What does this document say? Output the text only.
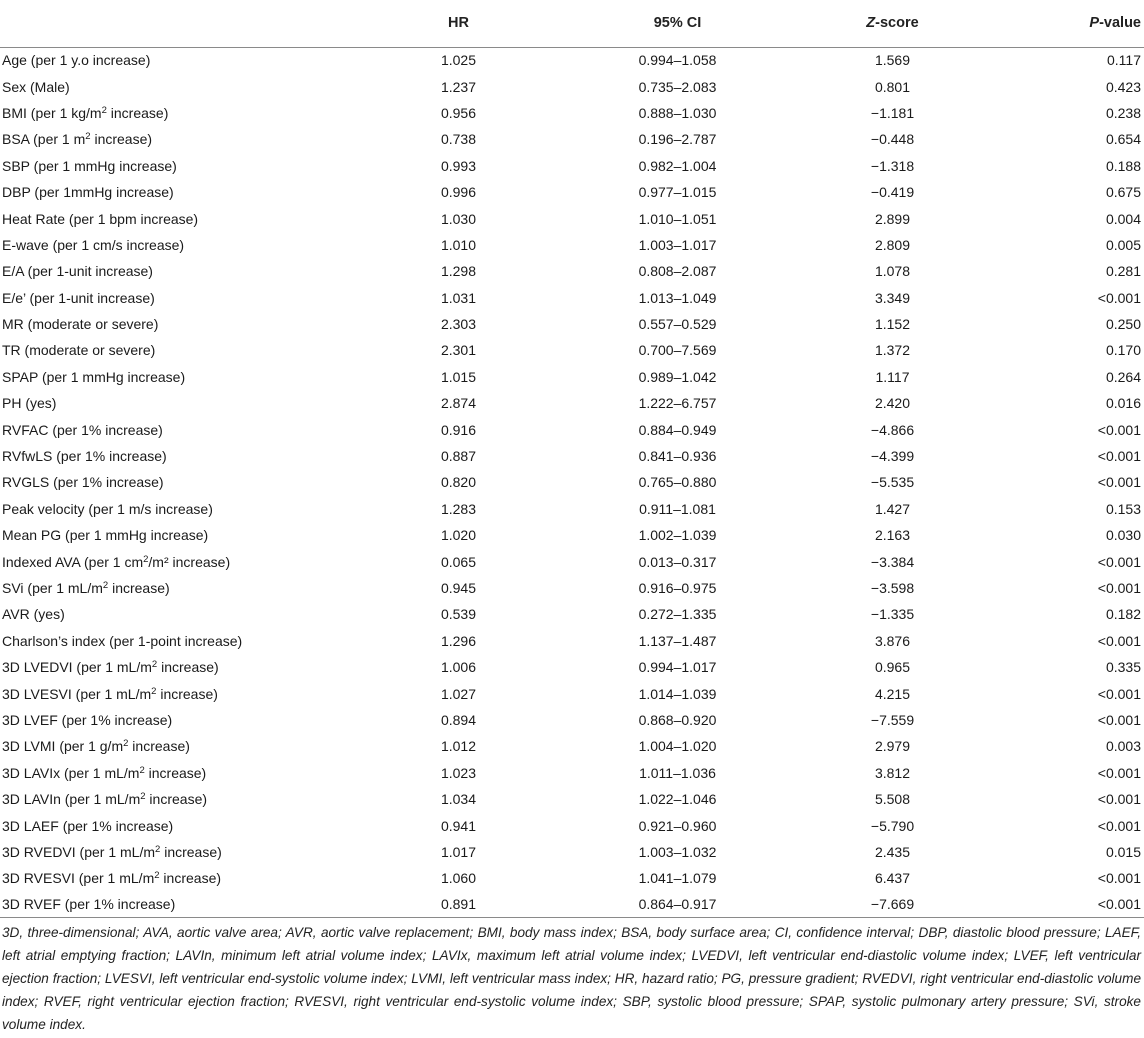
	HR	95% CI	Z-score	P-value
Age (per 1 y.o increase)	1.025	0.994–1.058	1.569	0.117
Sex (Male)	1.237	0.735–2.083	0.801	0.423
BMI (per 1 $kg/m^2$ increase)	0.956	0.888–1.030	−1.181	0.238
BSA (per 1 $m^2$ increase)	0.738	0.196–2.787	−0.448	0.654
SBP (per 1 mmHg increase)	0.993	0.982–1.004	−1.318	0.188
DBP (per 1mmHg increase)	0.996	0.977–1.015	−0.419	0.675
Heat Rate (per 1 bpm increase)	1.030	1.010–1.051	2.899	0.004
E-wave (per 1 cm/s increase)	1.010	1.003–1.017	2.809	0.005
E/A (per 1-unit increase)	1.298	0.808–2.087	1.078	0.281
E/e’ (per 1-unit increase)	1.031	1.013–1.049	3.349	<0.001
MR (moderate or severe)	2.303	0.557–0.529	1.152	0.250
TR (moderate or severe)	2.301	0.700–7.569	1.372	0.170
SPAP (per 1 mmHg increase)	1.015	0.989–1.042	1.117	0.264
PH (yes)	2.874	1.222–6.757	2.420	0.016
RVFAC (per 1% increase)	0.916	0.884–0.949	−4.866	<0.001
RVfwLS (per 1% increase)	0.887	0.841–0.936	−4.399	<0.001
RVGLS (per 1% increase)	0.820	0.765–0.880	−5.535	<0.001
Peak velocity (per 1 m/s increase)	1.283	0.911–1.081	1.427	0.153
Mean PG (per 1 mmHg increase)	1.020	1.002–1.039	2.163	0.030
Indexed AVA (per 1 $cm^2/m^2$ increase)	0.065	0.013–0.317	−3.384	<0.001
SVi (per 1 $mL/m^2$ increase)	0.945	0.916–0.975	−3.598	<0.001
AVR (yes)	0.539	0.272–1.335	−1.335	0.182
Charlson’s index (per 1-point increase)	1.296	1.137–1.487	3.876	<0.001
3D LVEDVI (per 1 $mL/m^2$ increase)	1.006	0.994–1.017	0.965	0.335
3D LVESVI (per 1 $mL/m^2$ increase)	1.027	1.014–1.039	4.215	<0.001
3D LVEF (per 1% increase)	0.894	0.868–0.920	−7.559	<0.001
3D LVMI (per 1 $g/m^2$ increase)	1.012	1.004–1.020	2.979	0.003
3D LAVIx (per 1 $mL/m^2$ increase)	1.023	1.011–1.036	3.812	<0.001
3D LAVIn (per 1 $mL/m^2$ increase)	1.034	1.022–1.046	5.508	<0.001
3D LAEF (per 1% increase)	0.941	0.921–0.960	−5.790	<0.001
3D RVEDVI (per 1 $mL/m^2$ increase)	1.017	1.003–1.032	2.435	0.015
3D RVESVI (per 1 $mL/m^2$ increase)	1.060	1.041–1.079	6.437	<0.001
3D RVEF (per 1% increase)	0.891	0.864–0.917	−7.669	<0.001
3D, three-dimensional; AVA, aortic valve area; AVR, aortic valve replacement; BMI, body mass index; BSA, body surface area; CI, confidence interval; DBP, diastolic blood pressure; LAEF, left atrial emptying fraction; LAVIn, minimum left atrial volume index; LAVIx, maximum left atrial volume index; LVEDVI, left ventricular end-diastolic volume index; LVEF, left ventricular ejection fraction; LVESVI, left ventricular end-systolic volume index; LVMI, left ventricular mass index; HR, hazard ratio; PG, pressure gradient; RVEDVI, right ventricular end-diastolic volume index; RVEF, right ventricular ejection fraction; RVESVI, right ventricular end-systolic volume index; SBP, systolic blood pressure; SPAP, systolic pulmonary artery pressure; SVi, stroke volume index.
